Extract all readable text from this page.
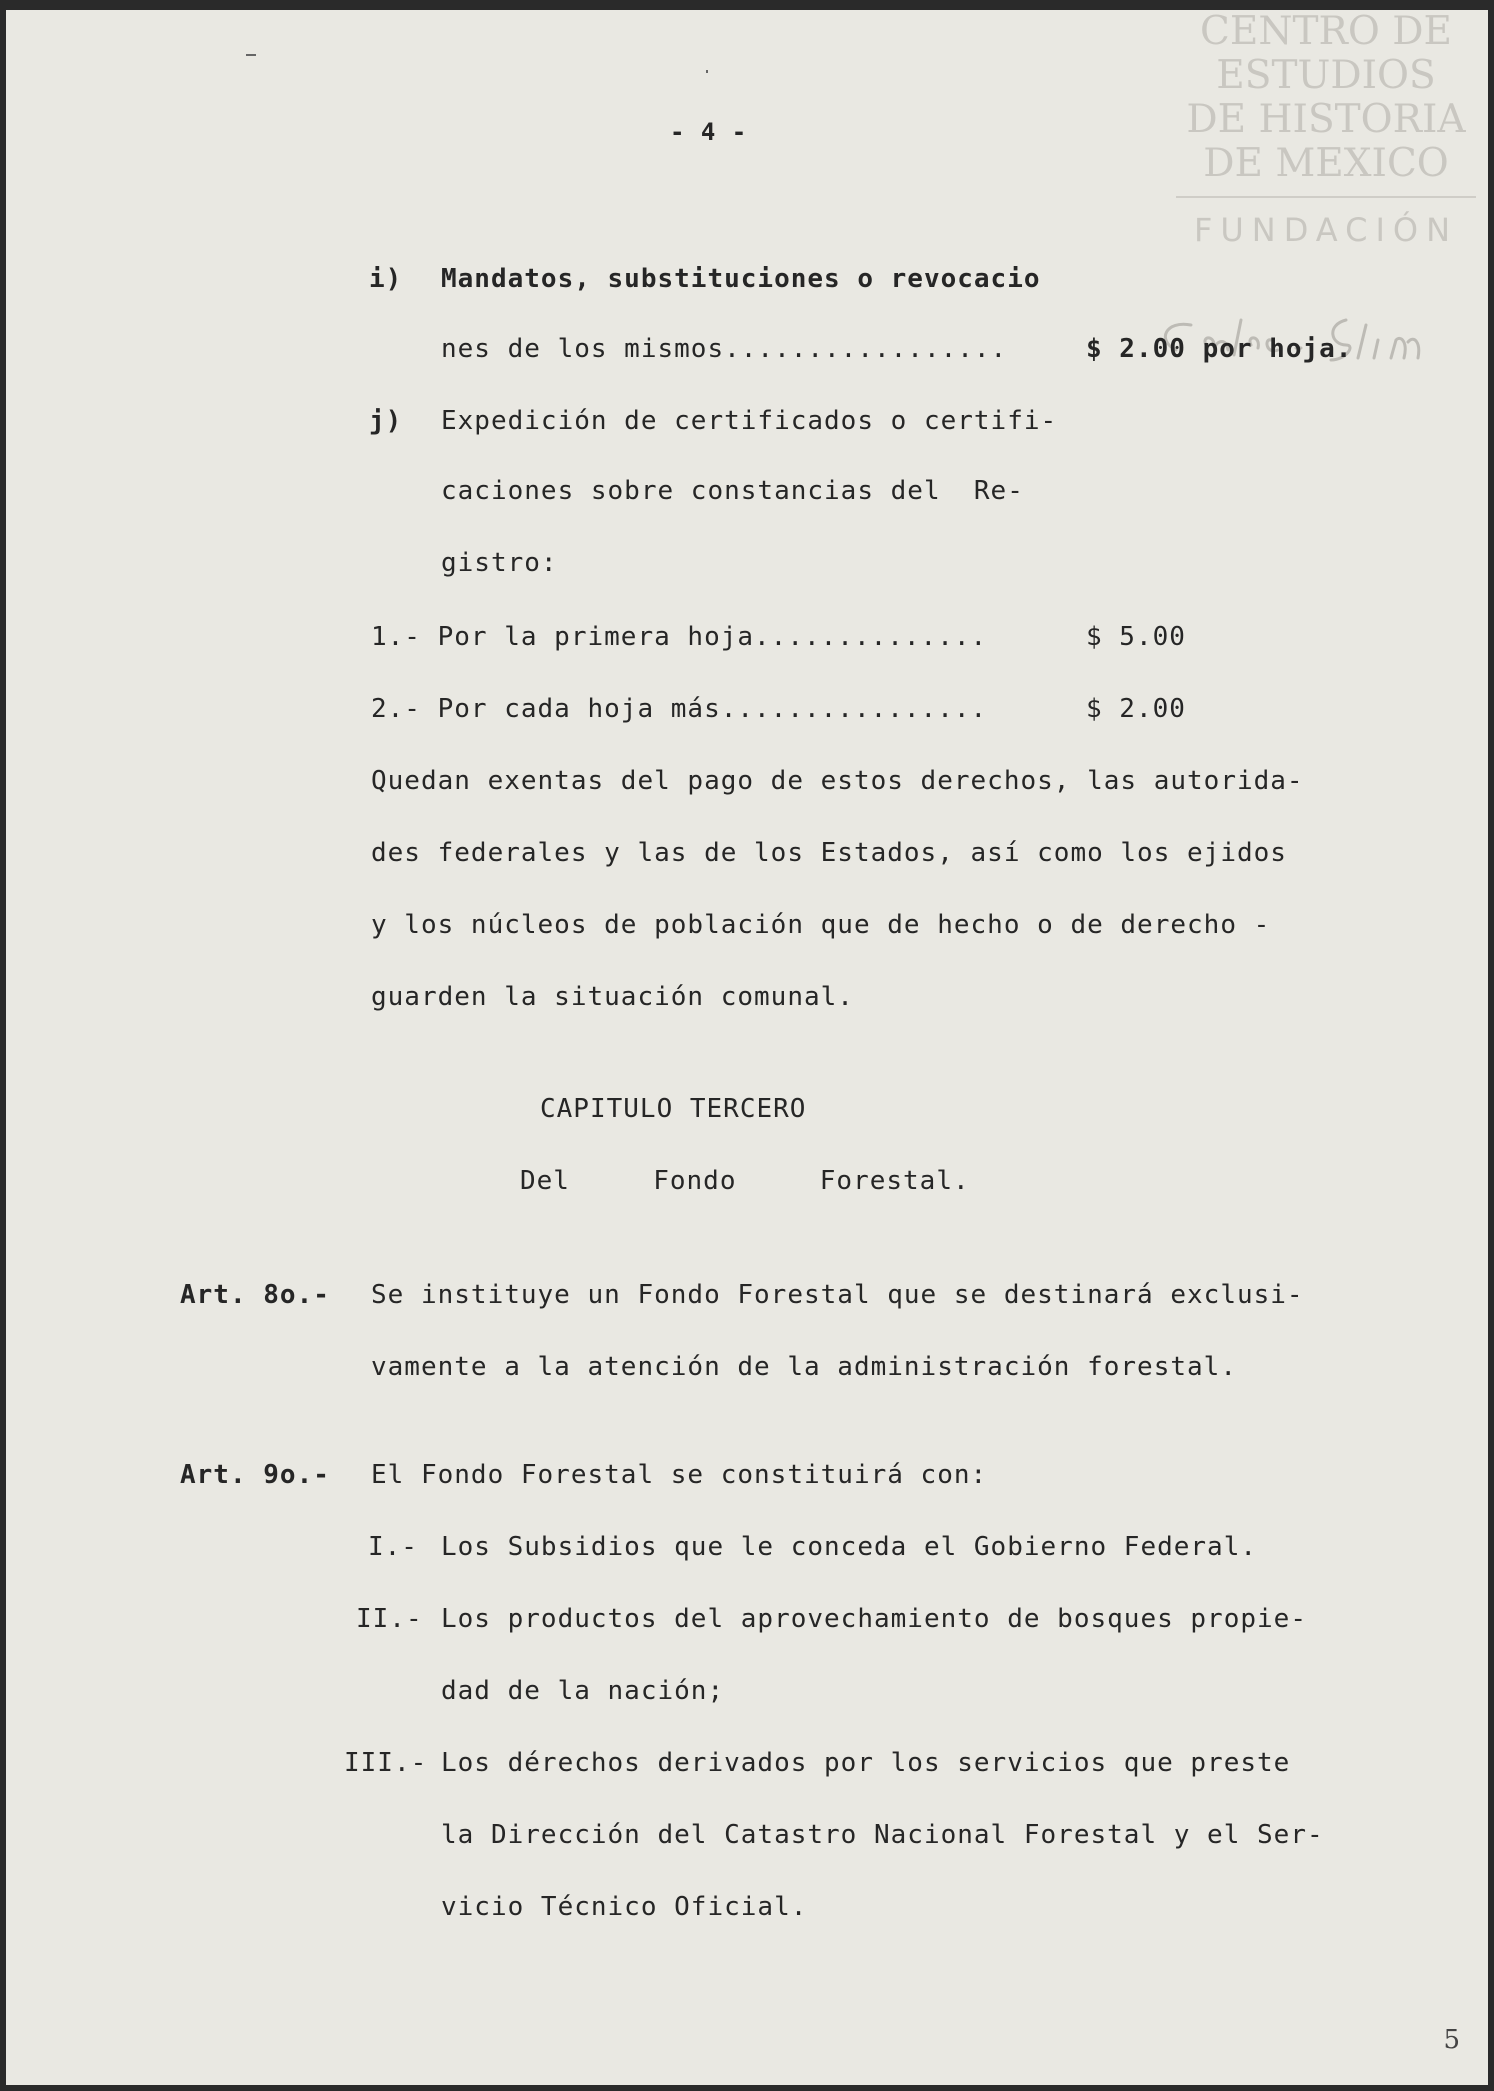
CENTRO DE
ESTUDIOS
DE HISTORIA
DE MEXICO
FUNDACIÓN
- 4 -
i) Mandatos, substituciones o revocacio
nes de los mismos.................	$ 2.00 por hoja.
j) Expedición de certificados o certifi-
caciones sobre constancias del  Re-
gistro:
1.- Por la primera hoja..............	$ 5.00
2.- Por cada hoja más................	$ 2.00
Quedan exentas del pago de estos derechos, las autorida-
des federales y las de los Estados, así como los ejidos
y los núcleos de población que de hecho o de derecho -
guarden la situación comunal.
CAPITULO TERCERO
Del     Fondo     Forestal.
Art. 8o.- Se instituye un Fondo Forestal que se destinará exclusi-
vamente a la atención de la administración forestal.
Art. 9o.- El Fondo Forestal se constituirá con:
I.- Los Subsidios que le conceda el Gobierno Federal.
II.- Los productos del aprovechamiento de bosques propie-
dad de la nación;
III.- Los dérechos derivados por los servicios que preste
la Dirección del Catastro Nacional Forestal y el Ser-
vicio Técnico Oficial.
5
